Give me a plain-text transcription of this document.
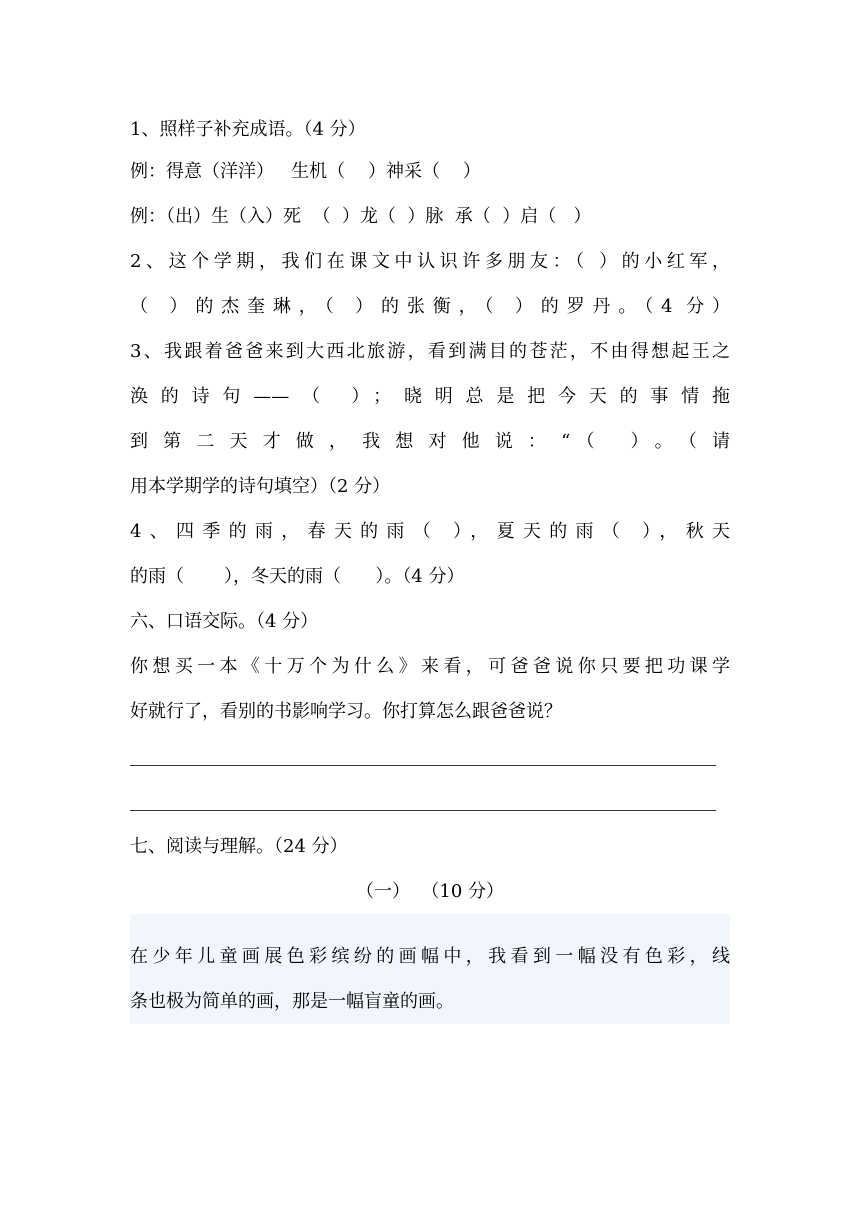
1、照样子补充成语。（4 分）
例：得意（洋洋）   生机（    ）神采（    ）
例：（出）生（入）死  （  ）龙（  ）脉  承（  ）启（   ）
2、这个学期，我们在课文中认识许多朋友：（ ）的小红军，
（ ）的杰奎琳，（ ）的张衡，（ ）的罗丹。（4 分）
3、我跟着爸爸来到大西北旅游，看到满目的苍茫，不由得想起王之
涣的诗句——（ ）；晓明总是把今天的事情拖
到第二天才做，我想对他说：“（ ）。（请
用本学期学的诗句填空）（2 分）
4、四季的雨，春天的雨（ ），夏天的雨（ ），秋天
的雨（       ），冬天的雨（      ）。（4 分）
六、口语交际。（4 分）
你想买一本《十万个为什么》来看，可爸爸说你只要把功课学
好就行了，看别的书影响学习。你打算怎么跟爸爸说？
七、阅读与理解。（24 分）
（一）  （10 分）
在少年儿童画展色彩缤纷的画幅中，我看到一幅没有色彩，线
条也极为简单的画，那是一幅盲童的画。
